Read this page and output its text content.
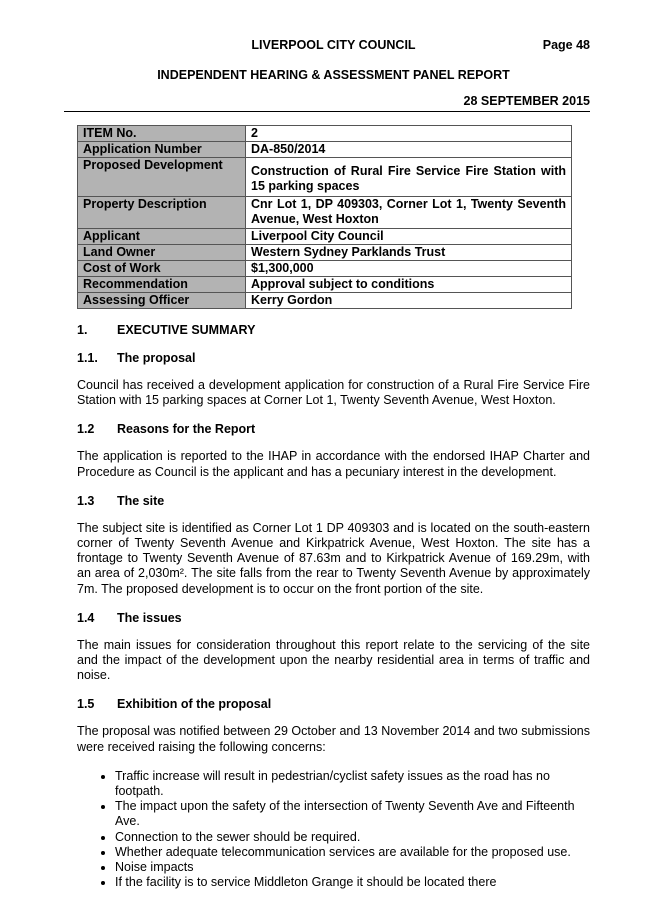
LIVERPOOL CITY COUNCIL	Page 48
INDEPENDENT HEARING & ASSESSMENT PANEL REPORT
28 SEPTEMBER 2015
ITEM No.	2
Application Number	DA-850/2014
Proposed Development	Construction of Rural Fire Service Fire Station with 15 parking spaces
Property Description	Cnr Lot 1, DP 409303, Corner Lot 1, Twenty Seventh Avenue, West Hoxton
Applicant	Liverpool City Council
Land Owner	Western Sydney Parklands Trust
Cost of Work	$1,300,000
Recommendation	Approval subject to conditions
Assessing Officer	Kerry Gordon
1.	EXECUTIVE SUMMARY
1.1.	The proposal

Council has received a development application for construction of a Rural Fire Service Fire Station with 15 parking spaces at Corner Lot 1, Twenty Seventh Avenue, West Hoxton.

1.2	Reasons for the Report

The application is reported to the IHAP in accordance with the endorsed IHAP Charter and Procedure as Council is the applicant and has a pecuniary interest in the development.

1.3	The site

The subject site is identified as Corner Lot 1 DP 409303 and is located on the south-eastern corner of Twenty Seventh Avenue and Kirkpatrick Avenue, West Hoxton. The site has a frontage to Twenty Seventh Avenue of 87.63m and to Kirkpatrick Avenue of 169.29m, with an area of 2,030m². The site falls from the rear to Twenty Seventh Avenue by approximately 7m. The proposed development is to occur on the front portion of the site.

1.4	The issues

The main issues for consideration throughout this report relate to the servicing of the site and the impact of the development upon the nearby residential area in terms of traffic and noise.

1.5	Exhibition of the proposal

The proposal was notified between 29 October and 13 November 2014 and two submissions were received raising the following concerns:

• Traffic increase will result in pedestrian/cyclist safety issues as the road has no footpath.
• The impact upon the safety of the intersection of Twenty Seventh Ave and Fifteenth Ave.
• Connection to the sewer should be required.
• Whether adequate telecommunication services are available for the proposed use.
• Noise impacts
• If the facility is to service Middleton Grange it should be located there
